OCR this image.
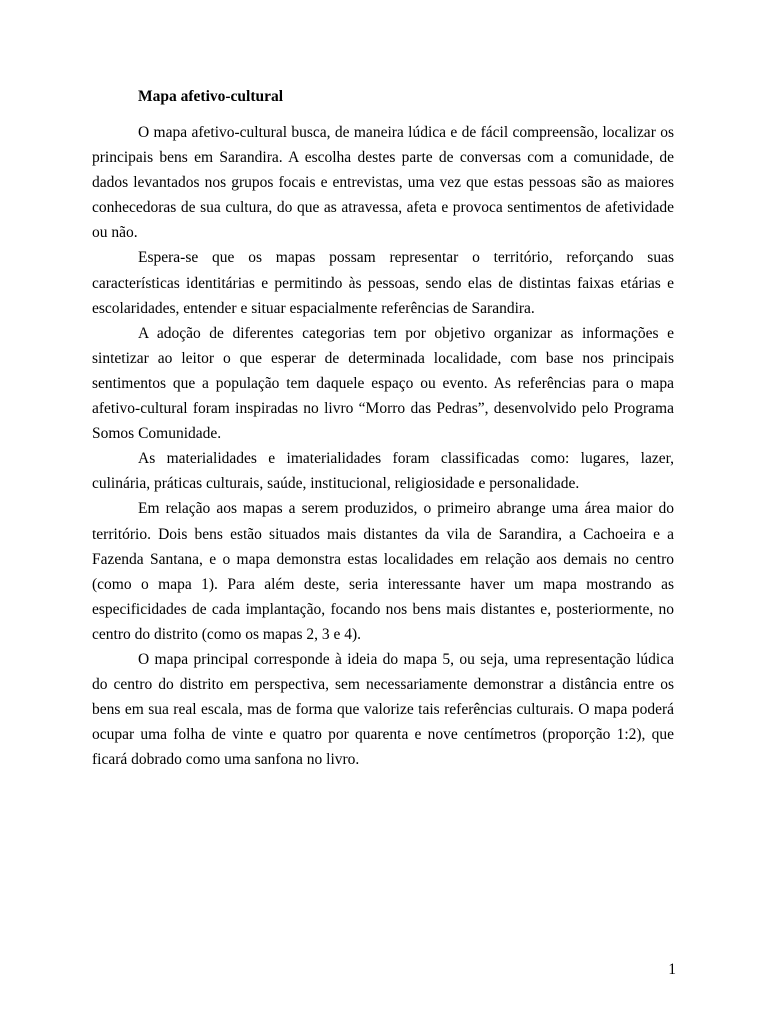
Mapa afetivo-cultural

O mapa afetivo-cultural busca, de maneira lúdica e de fácil compreensão, localizar os principais bens em Sarandira. A escolha destes parte de conversas com a comunidade, de dados levantados nos grupos focais e entrevistas, uma vez que estas pessoas são as maiores conhecedoras de sua cultura, do que as atravessa, afeta e provoca sentimentos de afetividade ou não.

Espera-se que os mapas possam representar o território, reforçando suas características identitárias e permitindo às pessoas, sendo elas de distintas faixas etárias e escolaridades, entender e situar espacialmente referências de Sarandira.

A adoção de diferentes categorias tem por objetivo organizar as informações e sintetizar ao leitor o que esperar de determinada localidade, com base nos principais sentimentos que a população tem daquele espaço ou evento. As referências para o mapa afetivo-cultural foram inspiradas no livro “Morro das Pedras”, desenvolvido pelo Programa Somos Comunidade.

As materialidades e imaterialidades foram classificadas como: lugares, lazer, culinária, práticas culturais, saúde, institucional, religiosidade e personalidade.

Em relação aos mapas a serem produzidos, o primeiro abrange uma área maior do território. Dois bens estão situados mais distantes da vila de Sarandira, a Cachoeira e a Fazenda Santana, e o mapa demonstra estas localidades em relação aos demais no centro (como o mapa 1). Para além deste, seria interessante haver um mapa mostrando as especificidades de cada implantação, focando nos bens mais distantes e, posteriormente, no centro do distrito (como os mapas 2, 3 e 4).

O mapa principal corresponde à ideia do mapa 5, ou seja, uma representação lúdica do centro do distrito em perspectiva, sem necessariamente demonstrar a distância entre os bens em sua real escala, mas de forma que valorize tais referências culturais. O mapa poderá ocupar uma folha de vinte e quatro por quarenta e nove centímetros (proporção 1:2), que ficará dobrado como uma sanfona no livro.

1
